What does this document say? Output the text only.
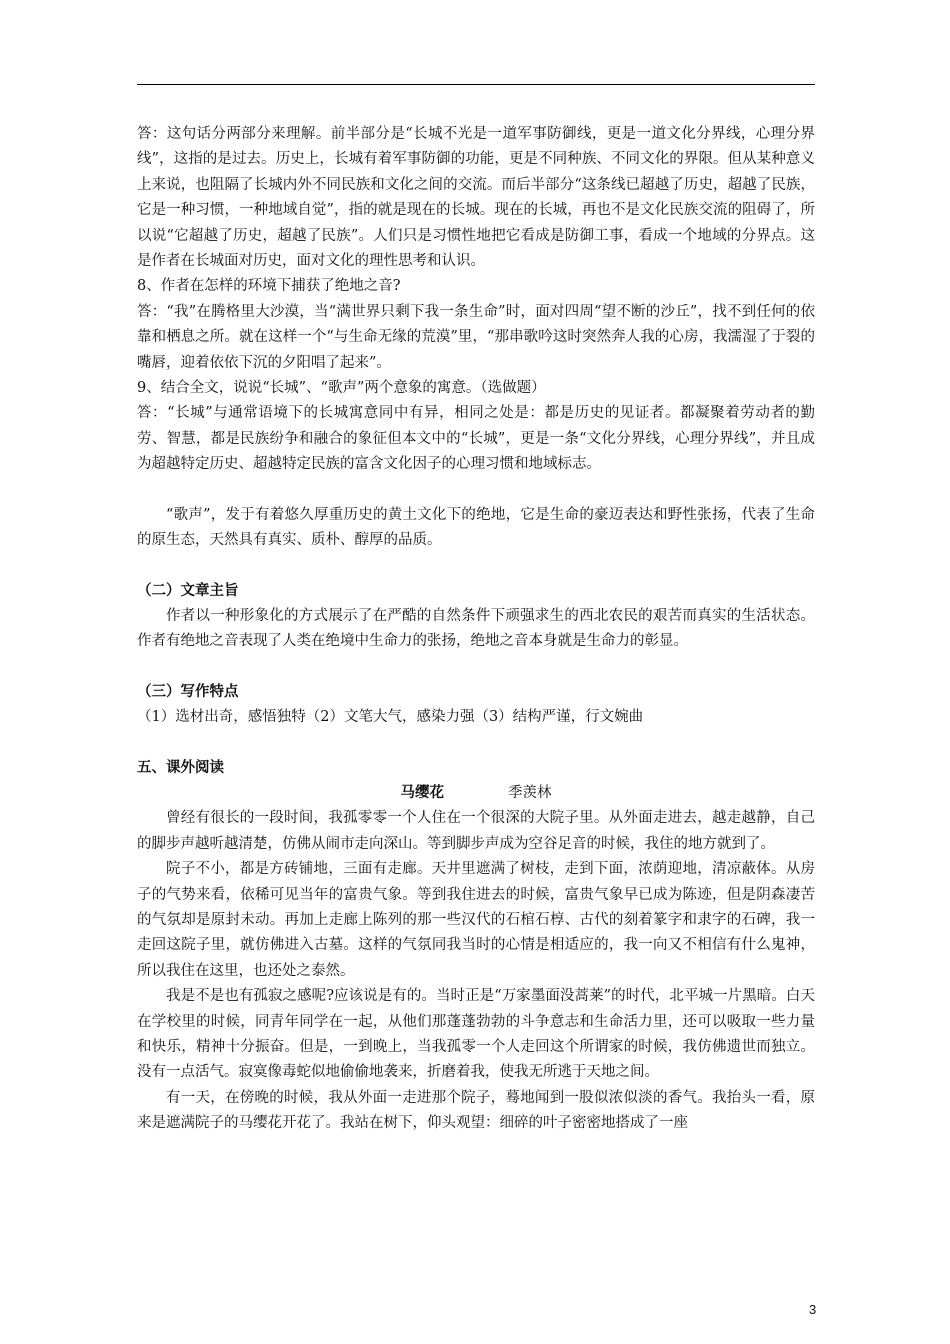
答：这句话分两部分来理解。前半部分是“长城不光是一道军事防御线，更是一道文化分界线，心理分界线”，这指的是过去。历史上，长城有着军事防御的功能，更是不同种族、不同文化的界限。但从某种意义上来说，也阻隔了长城内外不同民族和文化之间的交流。而后半部分“这条线已超越了历史，超越了民族，它是一种习惯，一种地域自觉”，指的就是现在的长城。现在的长城，再也不是文化民族交流的阻碍了，所以说“它超越了历史，超越了民族”。人们只是习惯性地把它看成是防御工事，看成一个地域的分界点。这是作者在长城面对历史，面对文化的理性思考和认识。

8、作者在怎样的环境下捕获了绝地之音?

答：“我”在腾格里大沙漠，当“满世界只剩下我一条生命”时，面对四周“望不断的沙丘”，找不到任何的依靠和栖息之所。就在这样一个“与生命无缘的荒漠”里，“那串歌吟这时突然奔人我的心房，我濡湿了于裂的嘴唇，迎着依依下沉的夕阳唱了起来”。

9、结合全文，说说“长城”、“歌声”两个意象的寓意。（选做题）

答：“长城”与通常语境下的长城寓意同中有异，相同之处是：都是历史的见证者。都凝聚着劳动者的勤劳、智慧，都是民族纷争和融合的象征但本文中的“长城”，更是一条“文化分界线，心理分界线”，并且成为超越特定历史、超越特定民族的富含文化因子的心理习惯和地域标志。

“歌声”，发于有着悠久厚重历史的黄土文化下的绝地，它是生命的豪迈表达和野性张扬，代表了生命的原生态，天然具有真实、质朴、醇厚的品质。

（二）文章主旨

作者以一种形象化的方式展示了在严酷的自然条件下顽强求生的西北农民的艰苦而真实的生活状态。作者有绝地之音表现了人类在绝境中生命力的张扬，绝地之音本身就是生命力的彰显。

（三）写作特点

（1）选材出奇，感悟独特（2）文笔大气，感染力强（3）结构严谨，行文婉曲

五、课外阅读

马缨花	季羡林

曾经有很长的一段时间，我孤零零一个人住在一个很深的大院子里。从外面走进去，越走越静，自己的脚步声越听越清楚，仿佛从闹市走向深山。等到脚步声成为空谷足音的时候，我住的地方就到了。

院子不小，都是方砖铺地，三面有走廊。天井里遮满了树枝，走到下面，浓荫迎地，清凉蔽体。从房子的气势来看，依稀可见当年的富贵气象。等到我住进去的时候，富贵气象早已成为陈迹，但是阴森凄苦的气氛却是原封未动。再加上走廊上陈列的那一些汉代的石棺石椁、古代的刻着篆字和隶字的石碑，我一走回这院子里，就仿佛进入古墓。这样的气氛同我当时的心情是相适应的，我一向又不相信有什么鬼神，所以我住在这里，也还处之泰然。

我是不是也有孤寂之感呢?应该说是有的。当时正是“万家墨面没蒿莱”的时代，北平城一片黑暗。白天在学校里的时候，同青年同学在一起，从他们那蓬蓬勃勃的斗争意志和生命活力里，还可以吸取一些力量和快乐，精神十分振奋。但是，一到晚上，当我孤零一个人走回这个所谓家的时候，我仿佛遗世而独立。没有一点活气。寂寞像毒蛇似地偷偷地袭来，折磨着我，使我无所逃于天地之间。

有一天，在傍晚的时候，我从外面一走进那个院子，蓦地闻到一股似浓似淡的香气。我抬头一看，原来是遮满院子的马缨花开花了。我站在树下，仰头观望：细碎的叶子密密地搭成了一座

3
